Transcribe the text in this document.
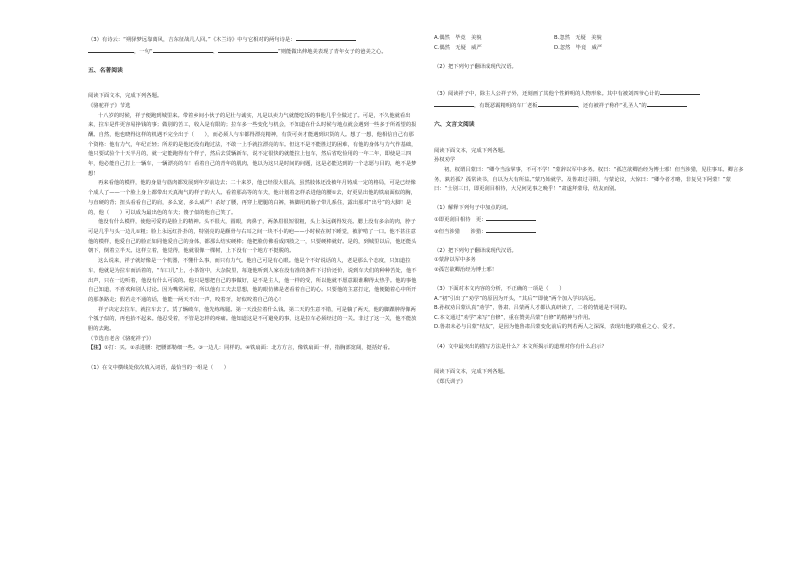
（3）有诗云：“朔驿梦远靠离风，吉东征战几人回。”《木兰诗》中与它相对的两句诗是：

，一句“	、	”则能做出伸地美表现了青年女子的爸美之心。

五、名著阅读

阅读下面文本，完成下列各题。

《骆驼祥子》节选

十八岁的时候，祥子便跑到城里来。带着乡间小伙子的足壮与诚实，凡是以卖力气就能吃饭的事他几乎全做过了。可是，不久他就看出来，拉车是件更容易挣钱的事；做别的苦工，收入是有限的；拉车多一些变化与机会，不知道在什么时候与地点就会遇到一些多于所希望的报酬。自然，他也晓得这样的机遇不完全出于（　　），而必须人与车都得漂亮精神，有货可卖才能遇到识货的人。想了一想，他相信自己有那个资格：他有力气，年纪正轻；所差的是他还没有跑过法，不敢一上手就拉漂亮的车。但这不是不能胜过的困难，有他的身体与力气作基础，他只要试验个十天半月的，就一定能跑得有个样子，然后去赁辆新车，说不定很快的就能拉上包车，然后省吃俭用的一年二年，即使是三四年，他必能自己打上一辆车，一辆漂亮的车！看着自己的青年的肌肉，他以为这只是时间的问题，这是必能达到的一个志愿与目的，绝不是梦想！

再来看他的模样，他的身量与筋肉都发展到年岁前边去；二十来岁，他已经很大很高，虽然肢体还没被年月铸成一定的格局，可是已经像个成人了——一个脸上身上都带出天真淘气的样子的大人。看着那高等的车夫，他计划着怎样杀进他的腰①去，好更显出他的铁扇面似的胸，与直硬的背；扭头看看自己的肩，多么宽，多么威严！杀好了腰，再穿上肥腿的白裤，裤脚用鸡肠子带儿系住，露出那对“出号”的大脚！是的，他（　　）可以成为最出色的车夫；傻子似的他自己笑了。

他没有什么模样，使他可爱的是脸上的精神。头不很大，圆眼，肉鼻子，两条眉很短很粗，头上永远剃得发亮。腮上没有多余的肉，脖子可是几乎与头一边儿①粗；脸上永远红扑扑的，特别亮的是颧骨与右耳之间一块不小的疤——小时候在树下睡觉，被驴啃了一口。他不甚注意他的模样，他爱自己的脸正如同他爱自己的身体，都那么结实硬棒；他把脸仿佛看成四肢之一，只要硬棒就好。是的，到城里以后，他还能头朝下，倒着立半天。这样立着，他觉得，他就很像一棵树，上下没有一个地方不挺脱的。

这么说来，祥子就好像是一个机器，不懂什么事，而只有力气。他自己可是有心眼。他是个不好说话的人，老是那么个态度，只知道拉车，他就是为拉车而活着的，“车口儿”上，小茶馆中，大杂院里，每逢他听到人家在没有准的条件下讨价还价，说到车夫们的种种苦处，他不出声，只在一边听着，他没有什么可说的。他只是想把自己的事做好，是不是主人，他一样的受，所以他就不愿意跟谁聊得太热乎。他的事他自己知道，不喜欢和别人讨论。因为嘴常闲着，所以他有工夫去思想，他的眼仿佛是老看着自己的心。只要他的主意打定，他便随着心中所开的那条路走；假若走不通的话，他能一两天不出一声，咬着牙，好似咬着自己的心！

祥子决定去拉车，就拉车去了。赁了辆破车，他先练练腿。第一天没拉着什么钱。第二天的生意不错，可是躺了两天，他的脚踝肿得像两个瓠子似的，再也抬不起来。他忍受着，不管是怎样的疼痛。他知道这是不可避免的事，这是拉车必须经过的一关。非过了这一关，他不能放胆的去跑。

（节选自老舍《骆驼祥子》）

【注】①打：买。②杀进腰：把腰部勒细一些。③一边儿：同样的。④铁扇面：北方方言，像铁扇面一样，指胸部宽阔，挺括好看。

（1）在文中横线处依次填入词语，最恰当的一组是（　　）

A.偶然　毕竟　美貌	B.忽然　无疑　美貌
C.偶然　无疑　威严	D.忽然　毕竟　威严

（2）把下列句子翻译成现代汉语。

（3）阅读祥子中，除主人公祥子外，还刻画了其他个性鲜明的人物形象。其中有被刘四爷心计的

，有既恶霸精明的车厂老板	，还有被祥子称作“孔圣人”的

六、文言文阅读

阅读下面文本，完成下列各题。

孙权劝学

初，权谓吕蒙曰：“卿今当涂掌事，不可不学！”蒙辞以军中多务。权曰：“孤岂欲卿治经为博士邪！但当涉猎，见往事耳。卿言多务，孰若孤？孤常读书，自以为大有所益。”蒙乃始就学。及鲁肃过寻阳，与蒙论议，大惊曰：“卿今者才略，非复吴下阿蒙！”蒙曰：“士别三日，即更刮目相待，大兄何见事之晚乎！”肃遂拜蒙母，结友而别。

（1）解释下列句子中加点的词。

①即更刮目相待　更：

②但当涉猎　　涉猎：

（2）把下列句子翻译成现代汉语。

①蒙辞以军中多务

②孤岂欲卿治经为博士邪！

（3）下面对本文内容的分析，不正确的一项是（　　）

A.“初”引出了“劝学”的原因为开头，“其后”“即使”两个加入学识高远。

B.孙权劝吕蒙认真“劝学”，鲁肃、吕蒙两人才都认真研读了，二者的情通是不同的。

C.本文通过“劝学”来写“自修”，重在赞美吕蒙“自修”的精神与作用。

D.鲁肃未必与吕蒙“结友”，是因为他鲁肃吕蒙变化前后的判若两人之深深，表现出他的敬重之心、爱才。

（4）文中最突出的描写方法是什么？本文所揭示的道理对你有什么启示？

阅读下面文本，完成下列各题。

《郑氏训子》
